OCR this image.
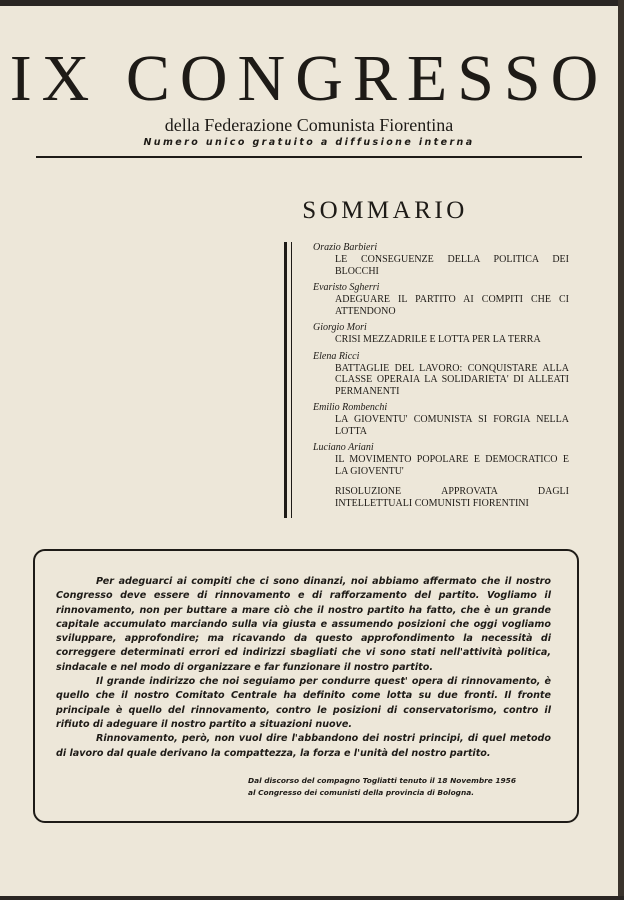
IX CONGRESSO
della Federazione Comunista Fiorentina
Numero unico gratuito a diffusione interna
SOMMARIO
Orazio Barbieri
LE CONSEGUENZE DELLA POLITICA DEI BLOCCHI
Evaristo Sgherri
ADEGUARE IL PARTITO AI COMPITI CHE CI ATTENDONO
Giorgio Mori
CRISI MEZZADRILE E LOTTA PER LA TERRA
Elena Ricci
BATTAGLIE DEL LAVORO: CONQUISTARE ALLA CLASSE OPERAIA LA SOLIDARIETA' DI ALLEATI PERMANENTI
Emilio Rombenchi
LA GIOVENTU' COMUNISTA SI FORGIA NELLA LOTTA
Luciano Ariani
IL MOVIMENTO POPOLARE E DEMOCRATICO E LA GIOVENTU'
RISOLUZIONE APPROVATA DAGLI INTELLETTUALI COMUNISTI FIORENTINI

Per adeguarci ai compiti che ci sono dinanzi, noi abbiamo affermato che il nostro Congresso deve essere di rinnovamento e di rafforzamento del partito. Vogliamo il rinnovamento, non per buttare a mare ciò che il nostro partito ha fatto, che è un grande capitale accumulato marciando sulla via giusta e assumendo posizioni che oggi vogliamo sviluppare, approfondire; ma ricavando da questo approfondimento la necessità di correggere determinati errori ed indirizzi sbagliati che vi sono stati nell'attività politica, sindacale e nel modo di organizzare e far funzionare il nostro partito.

Il grande indirizzo che noi seguiamo per condurre quest' opera di rinnovamento, è quello che il nostro Comitato Centrale ha definito come lotta su due fronti. Il fronte principale è quello del rinnovamento, contro le posizioni di conservatorismo, contro il rifiuto di adeguare il nostro partito a situazioni nuove.

Rinnovamento, però, non vuol dire l'abbandono dei nostri principi, di quel metodo di lavoro dal quale derivano la compattezza, la forza e l'unità del nostro partito.

Dal discorso del compagno Togliatti tenuto il 18 Novembre 1956
al Congresso dei comunisti della provincia di Bologna.
